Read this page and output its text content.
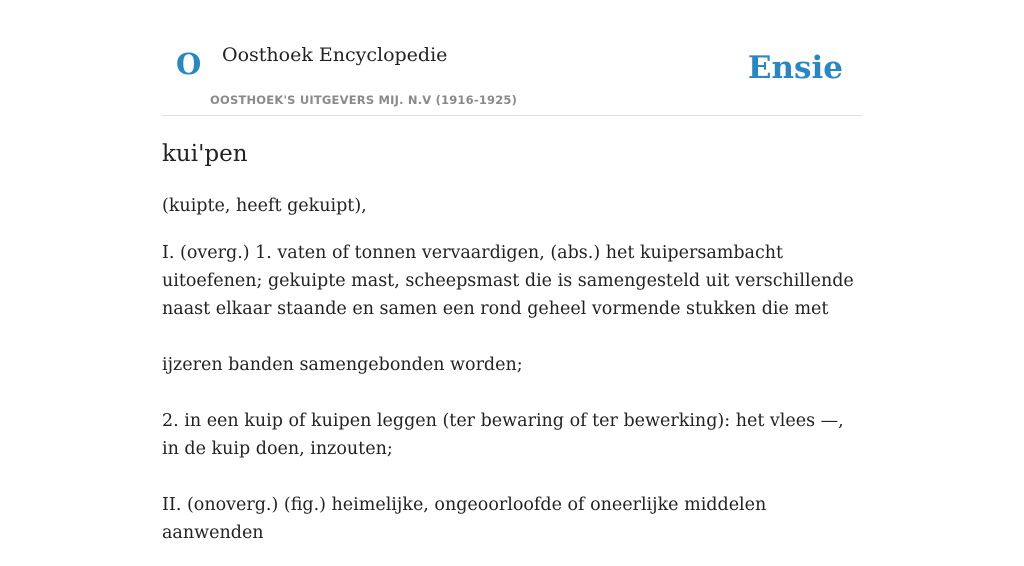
O Oosthoek Encyclopedie
OOSTHOEK'S UITGEVERS MIJ. N.V (1916-1925)
Ensie
kui'pen

(kuipte, heeft gekuipt),

I. (overg.) 1. vaten of tonnen vervaardigen, (abs.) het kuipersambacht uitoefenen; gekuipte mast, scheepsmast die is samengesteld uit verschillende naast elkaar staande en samen een rond geheel vormende stukken die met

ijzeren banden samengebonden worden;

2. in een kuip of kuipen leggen (ter bewaring of ter bewerking): het vlees —, in de kuip doen, inzouten;

II. (onoverg.) (fig.) heimelijke, ongeoorloofde of oneerlijke middelen aanwenden
